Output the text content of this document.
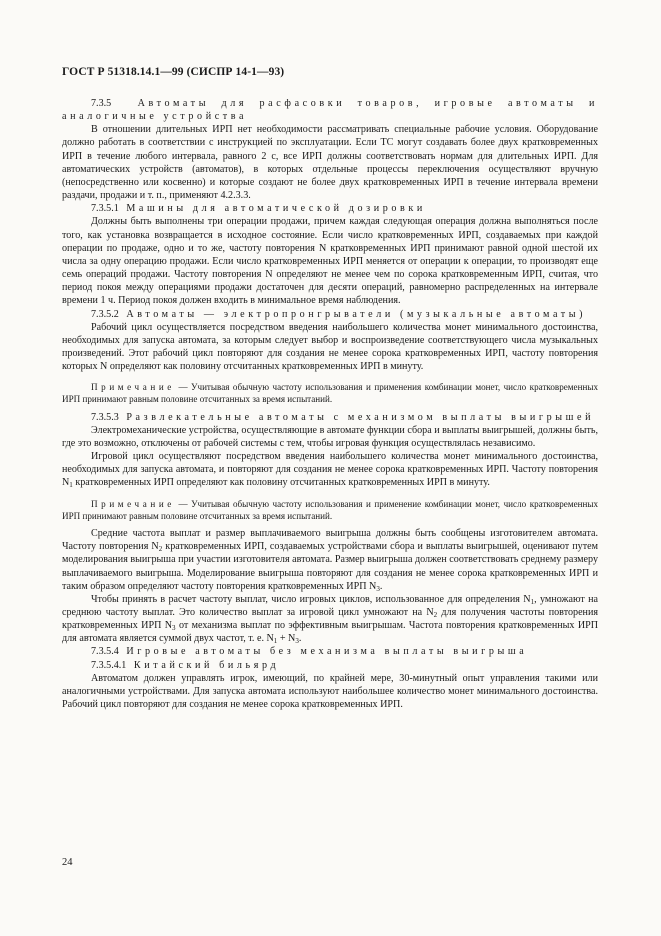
ГОСТ Р 51318.14.1—99 (СИСПР 14-1—93)

7.3.5	Автоматы для расфасовки товаров, игровые автоматы и аналогичные устройства

В отношении длительных ИРП нет необходимости рассматривать специальные рабочие условия. Оборудование должно работать в соответствии с инструкцией по эксплуатации. Если ТС могут создавать более двух кратковременных ИРП в течение любого интервала, равного 2 с, все ИРП должны соответствовать нормам для длительных ИРП. Для автоматических устройств (автоматов), в которых отдельные процессы переключения осуществляют вручную (непосредственно или косвенно) и которые создают не более двух кратковременных ИРП в течение интервала времени раздачи, продажи и т. п., применяют 4.2.3.3.

7.3.5.1 Машины для автоматической дозировки

Должны быть выполнены три операции продажи, причем каждая следующая операция должна выполняться после того, как установка возвращается в исходное состояние. Если число кратковременных ИРП, создаваемых при каждой операции по продаже, одно и то же, частоту повторения N кратковременных ИРП принимают равной одной шестой их числа за одну операцию продажи. Если число кратковременных ИРП меняется от операции к операции, то производят еще семь операций продажи. Частоту повторения N определяют не менее чем по сорока кратковременным ИРП, считая, что период покоя между операциями продажи достаточен для десяти операций, равномерно распределенных на интервале времени 1 ч. Период покоя должен входить в минимальное время наблюдения.

7.3.5.2 Автоматы — электропронгрыватели (музыкальные автоматы)

Рабочий цикл осуществляется посредством введения наибольшего количества монет минимального достоинства, необходимых для запуска автомата, за которым следует выбор и воспроизведение соответствующего числа музыкальных произведений. Этот рабочий цикл повторяют для создания не менее сорока кратковременных ИРП, частоту повторения которых N определяют как половину отсчитанных кратковременных ИРП в минуту.

Примечание — Учитывая обычную частоту использования и применения комбинации монет, число кратковременных ИРП принимают равным половине отсчитанных за время испытаний.

7.3.5.3 Развлекательные автоматы с механизмом выплаты выигрышей

Электромеханические устройства, осуществляющие в автомате функции сбора и выплаты выигрышей, должны быть, где это возможно, отключены от рабочей системы с тем, чтобы игровая функция осуществлялась независимо.

Игровой цикл осуществляют посредством введения наибольшего количества монет минимального достоинства, необходимых для запуска автомата, и повторяют для создания не менее сорока кратковременных ИРП. Частоту повторения $N_1$ кратковременных ИРП определяют как половину отсчитанных кратковременных ИРП в минуту.

Примечание — Учитывая обычную частоту использования и применение комбинации монет, число кратковременных ИРП принимают равным половине отсчитанных за время испытаний.

Средние частота выплат и размер выплачиваемого выигрыша должны быть сообщены изготовителем автомата. Частоту повторения $N_2$ кратковременных ИРП, создаваемых устройствами сбора и выплаты выигрышей, оценивают путем моделирования выигрыша при участии изготовителя автомата. Размер выигрыша должен соответствовать среднему размеру выплачиваемого выигрыша. Моделирование выигрыша повторяют для создания не менее сорока кратковременных ИРП и таким образом определяют частоту повторения кратковременных ИРП $N_3$.

Чтобы принять в расчет частоту выплат, число игровых циклов, использованное для определения $N_1$, умножают на среднюю частоту выплат. Это количество выплат за игровой цикл умножают на $N_2$ для получения частоты повторения кратковременных ИРП $N_3$ от механизма выплат по эффективным выигрышам. Частота повторения кратковременных ИРП для автомата является суммой двух частот, т. е. $N_1 + N_3$.

7.3.5.4 Игровые автоматы без механизма выплаты выигрыша

7.3.5.4.1 Китайский бильярд

Автоматом должен управлять игрок, имеющий, по крайней мере, 30-минутный опыт управления такими или аналогичными устройствами. Для запуска автомата используют наибольшее количество монет минимального достоинства. Рабочий цикл повторяют для создания не менее сорока кратковременных ИРП.

24
